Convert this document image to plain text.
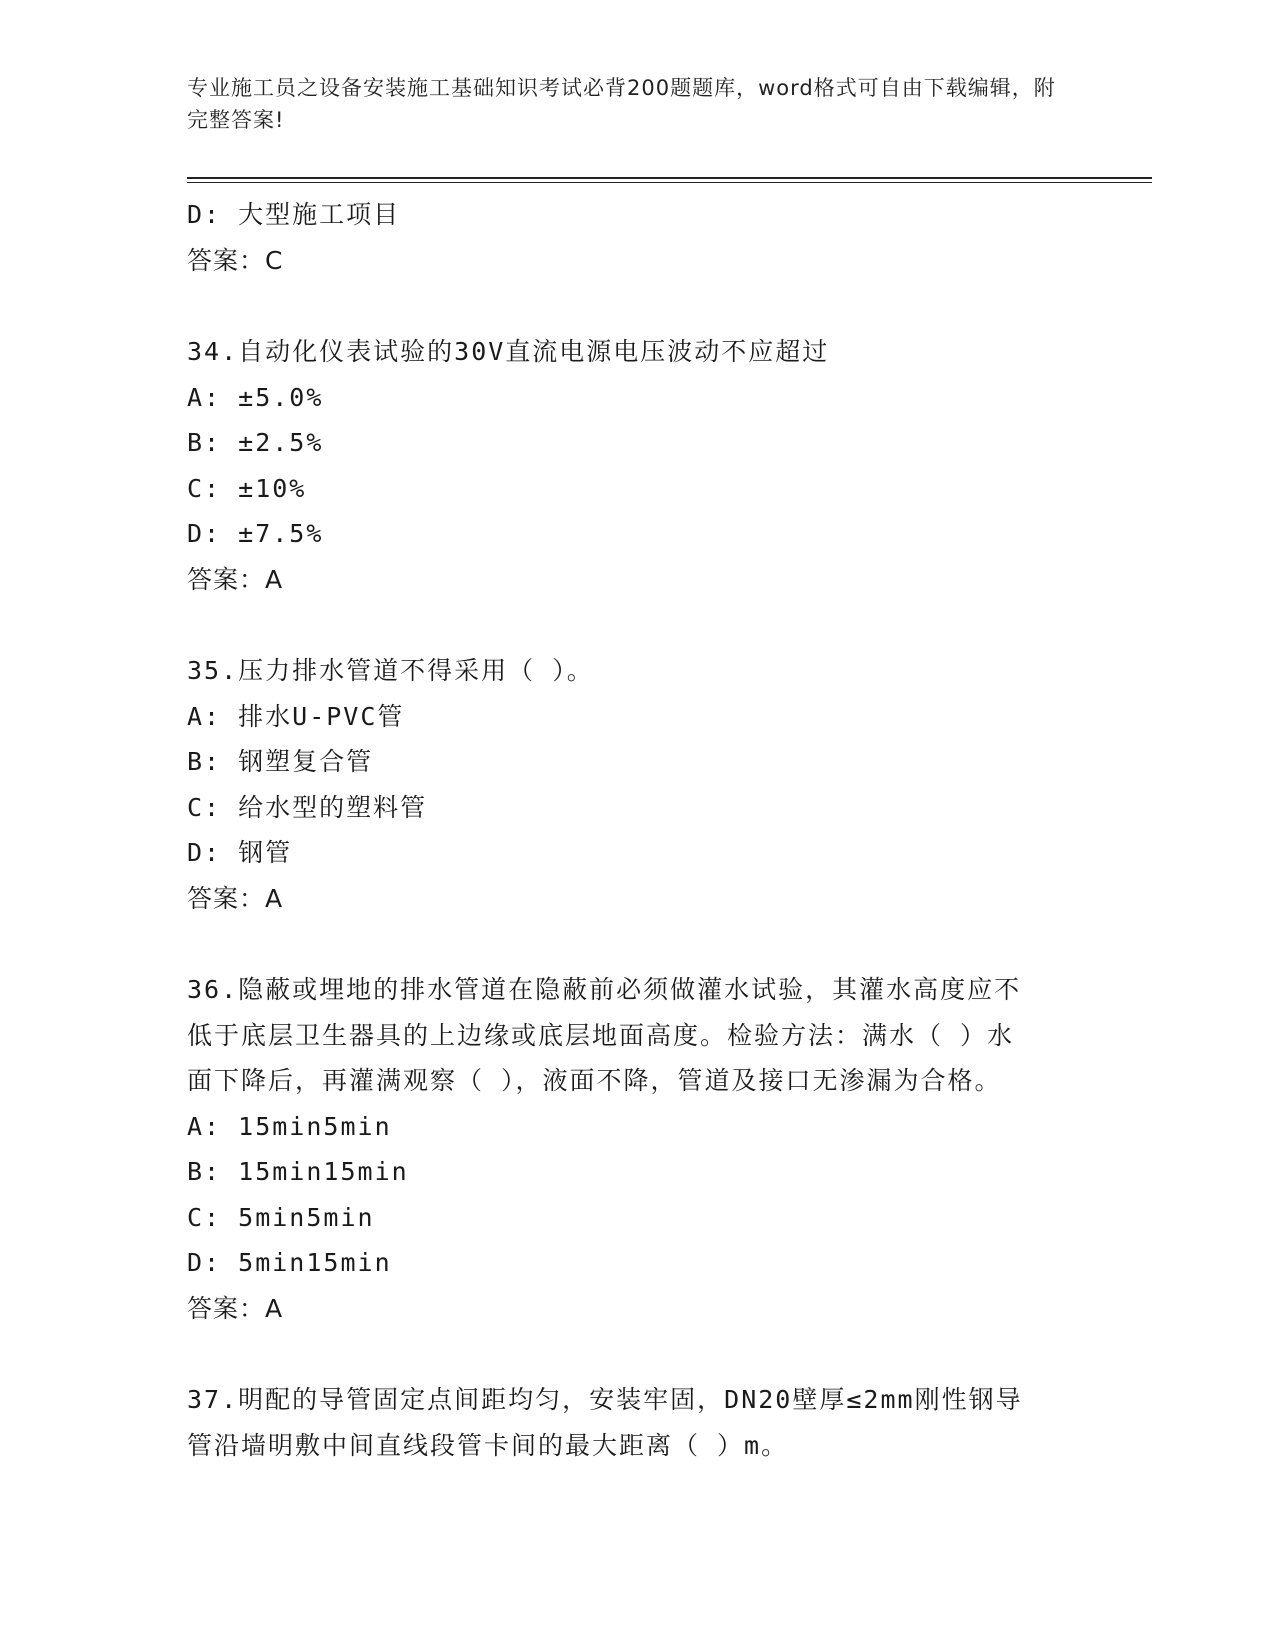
专业施工员之设备安装施工基础知识考试必背200题题库，word格式可自由下载编辑，附完整答案!
D: 大型施工项目
答案：C
34.自动化仪表试验的30V直流电源电压波动不应超过
A: ±5.0%
B: ±2.5%
C: ±10%
D: ±7.5%
答案：A
35.压力排水管道不得采用（ ）。
A: 排水U-PVC管
B: 钢塑复合管
C: 给水型的塑料管
D: 钢管
答案：A
36.隐蔽或埋地的排水管道在隐蔽前必须做灌水试验，其灌水高度应不
低于底层卫生器具的上边缘或底层地面高度。检验方法：满水（ ）水
面下降后，再灌满观察（ ），液面不降，管道及接口无渗漏为合格。
A: 15min5min
B: 15min15min
C: 5min5min
D: 5min15min
答案：A
37.明配的导管固定点间距均匀，安装牢固，DN20壁厚≤2mm刚性钢导
管沿墙明敷中间直线段管卡间的最大距离（ ）m。
